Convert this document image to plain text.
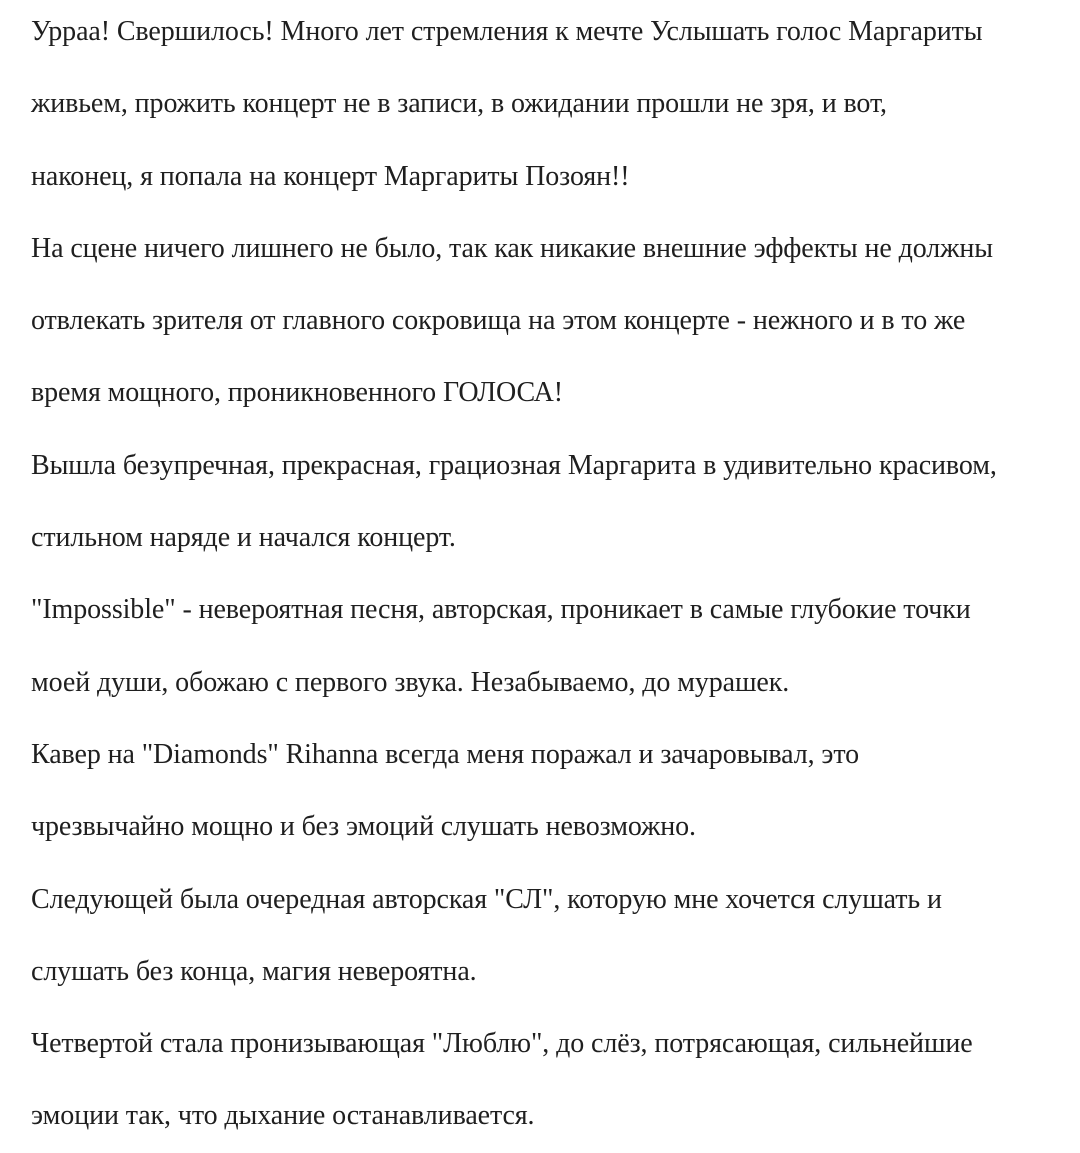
Урраа! Свершилось! Много лет стремления к мечте Услышать голос Маргариты
живьем, прожить концерт не в записи, в ожидании прошли не зря, и вот,
наконец, я попала на концерт Маргариты Позоян!!
На сцене ничего лишнего не было, так как никакие внешние эффекты не должны
отвлекать зрителя от главного сокровища на этом концерте - нежного и в то же
время мощного, проникновенного ГОЛОСА!
Вышла безупречная, прекрасная, грациозная Маргарита в удивительно красивом,
стильном наряде и начался концерт.
"Impossible" - невероятная песня, авторская, проникает в самые глубокие точки
моей души, обожаю с первого звука. Незабываемо, до мурашек.
Кавер на "Diamonds" Rihanna всегда меня поражал и зачаровывал, это
чрезвычайно мощно и без эмоций слушать невозможно.
Следующей была очередная авторская "СЛ", которую мне хочется слушать и
слушать без конца, магия невероятна.
Четвертой стала пронизывающая "Люблю", до слёз, потрясающая, сильнейшие
эмоции так, что дыхание останавливается.
